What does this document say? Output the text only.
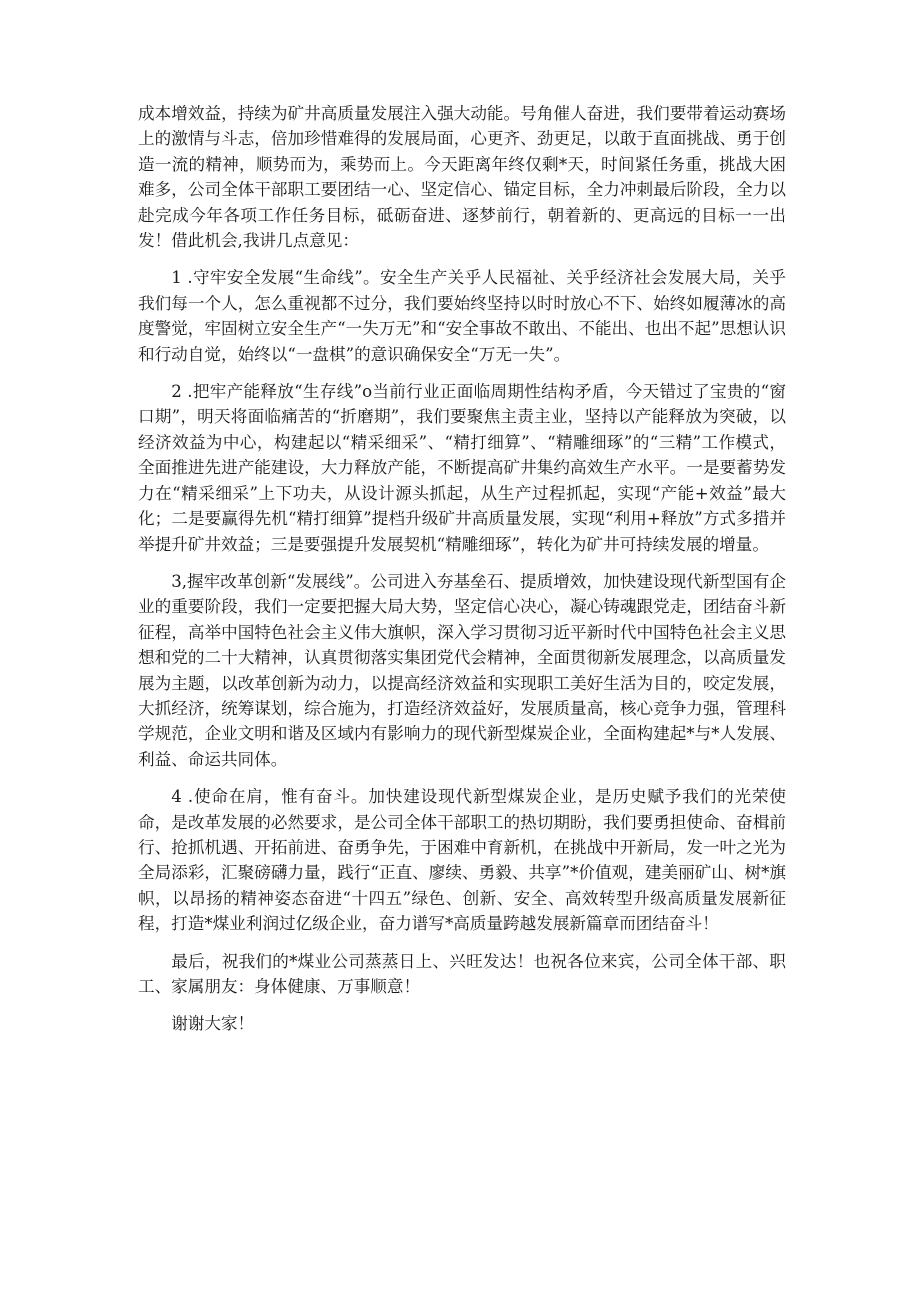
成本增效益，持续为矿井高质量发展注入强大动能。号角催人奋进，我们要带着运动赛场上的激情与斗志，倍加珍惜难得的发展局面，心更齐、劲更足，以敢于直面挑战、勇于创造一流的精神，顺势而为，乘势而上。今天距离年终仅剩*天，时间紧任务重，挑战大困难多，公司全体干部职工要团结一心、坚定信心、锚定目标，全力冲刺最后阶段，全力以赴完成今年各项工作任务目标，砥砺奋进、逐梦前行，朝着新的、更高远的目标一一出发！借此机会,我讲几点意见：

1 .守牢安全发展“生命线”。安全生产关乎人民福祉、关乎经济社会发展大局，关乎我们每一个人，怎么重视都不过分，我们要始终坚持以时时放心不下、始终如履薄冰的高度警觉，牢固树立安全生产“一失万无”和“安全事故不敢出、不能出、也出不起”思想认识和行动自觉，始终以“一盘棋”的意识确保安全“万无一失”。

2 .把牢产能释放“生存线”o当前行业正面临周期性结构矛盾，今天错过了宝贵的“窗口期”，明天将面临痛苦的“折磨期”，我们要聚焦主责主业，坚持以产能释放为突破，以经济效益为中心，构建起以“精采细采”、“精打细算”、“精雕细琢”的“三精”工作模式，全面推进先进产能建设，大力释放产能，不断提高矿井集约高效生产水平。一是要蓄势发力在“精采细采”上下功夫，从设计源头抓起，从生产过程抓起，实现“产能+效益”最大化；二是要赢得先机“精打细算”提档升级矿井高质量发展，实现“利用+释放”方式多措并举提升矿井效益；三是要强提升发展契机“精雕细琢”，转化为矿井可持续发展的增量。

3,握牢改革创新“发展线”。公司进入夯基垒石、提质增效，加快建设现代新型国有企业的重要阶段，我们一定要把握大局大势，坚定信心决心，凝心铸魂跟党走，团结奋斗新征程，高举中国特色社会主义伟大旗帜，深入学习贯彻习近平新时代中国特色社会主义思想和党的二十大精神，认真贯彻落实集团党代会精神，全面贯彻新发展理念，以高质量发展为主题，以改革创新为动力，以提高经济效益和实现职工美好生活为目的，咬定发展，大抓经济，统筹谋划，综合施为，打造经济效益好，发展质量高，核心竞争力强，管理科学规范，企业文明和谐及区域内有影响力的现代新型煤炭企业，全面构建起*与*人发展、利益、命运共同体。

4 .使命在肩，惟有奋斗。加快建设现代新型煤炭企业，是历史赋予我们的光荣使命，是改革发展的必然要求，是公司全体干部职工的热切期盼，我们要勇担使命、奋楫前行、抢抓机遇、开拓前进、奋勇争先，于困难中育新机，在挑战中开新局，发一叶之光为全局添彩，汇聚磅礴力量，践行“正直、廖续、勇毅、共享”*价值观，建美丽矿山、树*旗帜，以昂扬的精神姿态奋进“十四五”绿色、创新、安全、高效转型升级高质量发展新征程，打造*煤业利润过亿级企业，奋力谱写*高质量跨越发展新篇章而团结奋斗！

最后，祝我们的*煤业公司蒸蒸日上、兴旺发达！也祝各位来宾，公司全体干部、职工、家属朋友：身体健康、万事顺意！

谢谢大家！
